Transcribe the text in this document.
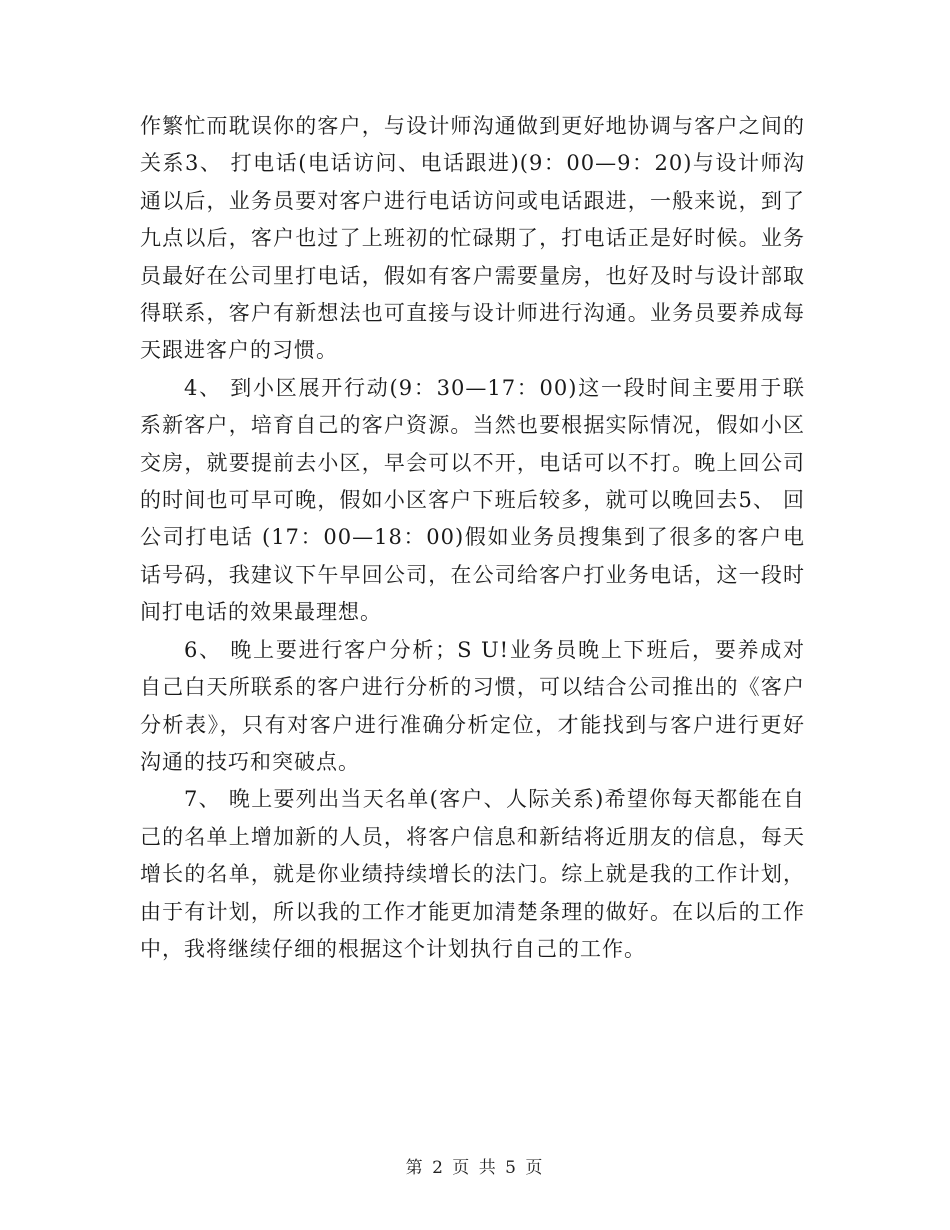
作繁忙而耽误你的客户，与设计师沟通做到更好地协调与客户之间的关系3、 打电话(电话访问、电话跟进)(9：00—9：20)与设计师沟通以后，业务员要对客户进行电话访问或电话跟进，一般来说，到了九点以后，客户也过了上班初的忙碌期了，打电话正是好时候。业务员最好在公司里打电话，假如有客户需要量房，也好及时与设计部取得联系，客户有新想法也可直接与设计师进行沟通。业务员要养成每天跟进客户的习惯。

4、 到小区展开行动(9：30—17：00)这一段时间主要用于联系新客户，培育自己的客户资源。当然也要根据实际情况，假如小区交房，就要提前去小区，早会可以不开，电话可以不打。晚上回公司的时间也可早可晚，假如小区客户下班后较多，就可以晚回去5、 回公司打电话 (17：00—18：00)假如业务员搜集到了很多的客户电话号码，我建议下午早回公司，在公司给客户打业务电话，这一段时间打电话的效果最理想。

6、 晚上要进行客户分析；S U!业务员晚上下班后，要养成对自己白天所联系的客户进行分析的习惯，可以结合公司推出的《客户分析表》，只有对客户进行准确分析定位，才能找到与客户进行更好沟通的技巧和突破点。

7、 晚上要列出当天名单(客户、人际关系)希望你每天都能在自己的名单上增加新的人员，将客户信息和新结将近朋友的信息，每天增长的名单，就是你业绩持续增长的法门。综上就是我的工作计划，由于有计划，所以我的工作才能更加清楚条理的做好。在以后的工作中，我将继续仔细的根据这个计划执行自己的工作。

第 2 页 共 5 页
